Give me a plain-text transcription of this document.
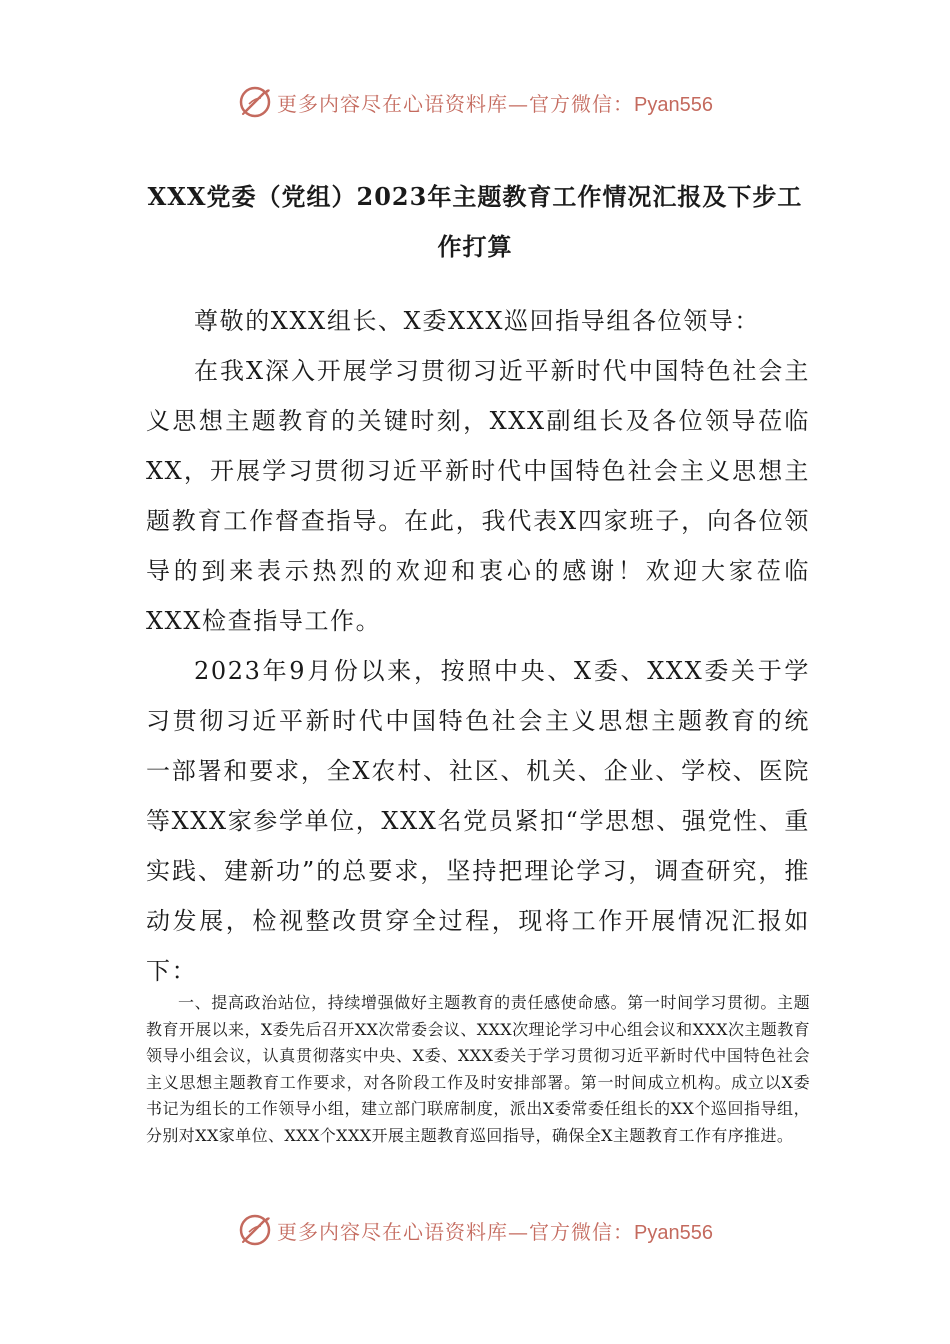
更多内容尽在心语资料库—官方微信：Pyan556
XXX党委（党组）2023年主题教育工作情况汇报及下步工作打算

尊敬的XXX组长、X委XXX巡回指导组各位领导：

在我X深入开展学习贯彻习近平新时代中国特色社会主义思想主题教育的关键时刻，XXX副组长及各位领导莅临XX，开展学习贯彻习近平新时代中国特色社会主义思想主题教育工作督查指导。在此，我代表X四家班子，向各位领导的到来表示热烈的欢迎和衷心的感谢！欢迎大家莅临XXX检查指导工作。

2023年9月份以来，按照中央、X委、XXX委关于学习贯彻习近平新时代中国特色社会主义思想主题教育的统一部署和要求，全X农村、社区、机关、企业、学校、医院等XXX家参学单位，XXX名党员紧扣“学思想、强党性、重实践、建新功”的总要求，坚持把理论学习，调查研究，推动发展，检视整改贯穿全过程，现将工作开展情况汇报如下：

一、提高政治站位，持续增强做好主题教育的责任感使命感。第一时间学习贯彻。主题教育开展以来，X委先后召开XX次常委会议、XXX次理论学习中心组会议和XXX次主题教育领导小组会议，认真贯彻落实中央、X委、XXX委关于学习贯彻习近平新时代中国特色社会主义思想主题教育工作要求，对各阶段工作及时安排部署。第一时间成立机构。成立以X委书记为组长的工作领导小组，建立部门联席制度，派出X委常委任组长的XX个巡回指导组，分别对XX家单位、XXX个XXX开展主题教育巡回指导，确保全X主题教育工作有序推进。

更多内容尽在心语资料库—官方微信：Pyan556
